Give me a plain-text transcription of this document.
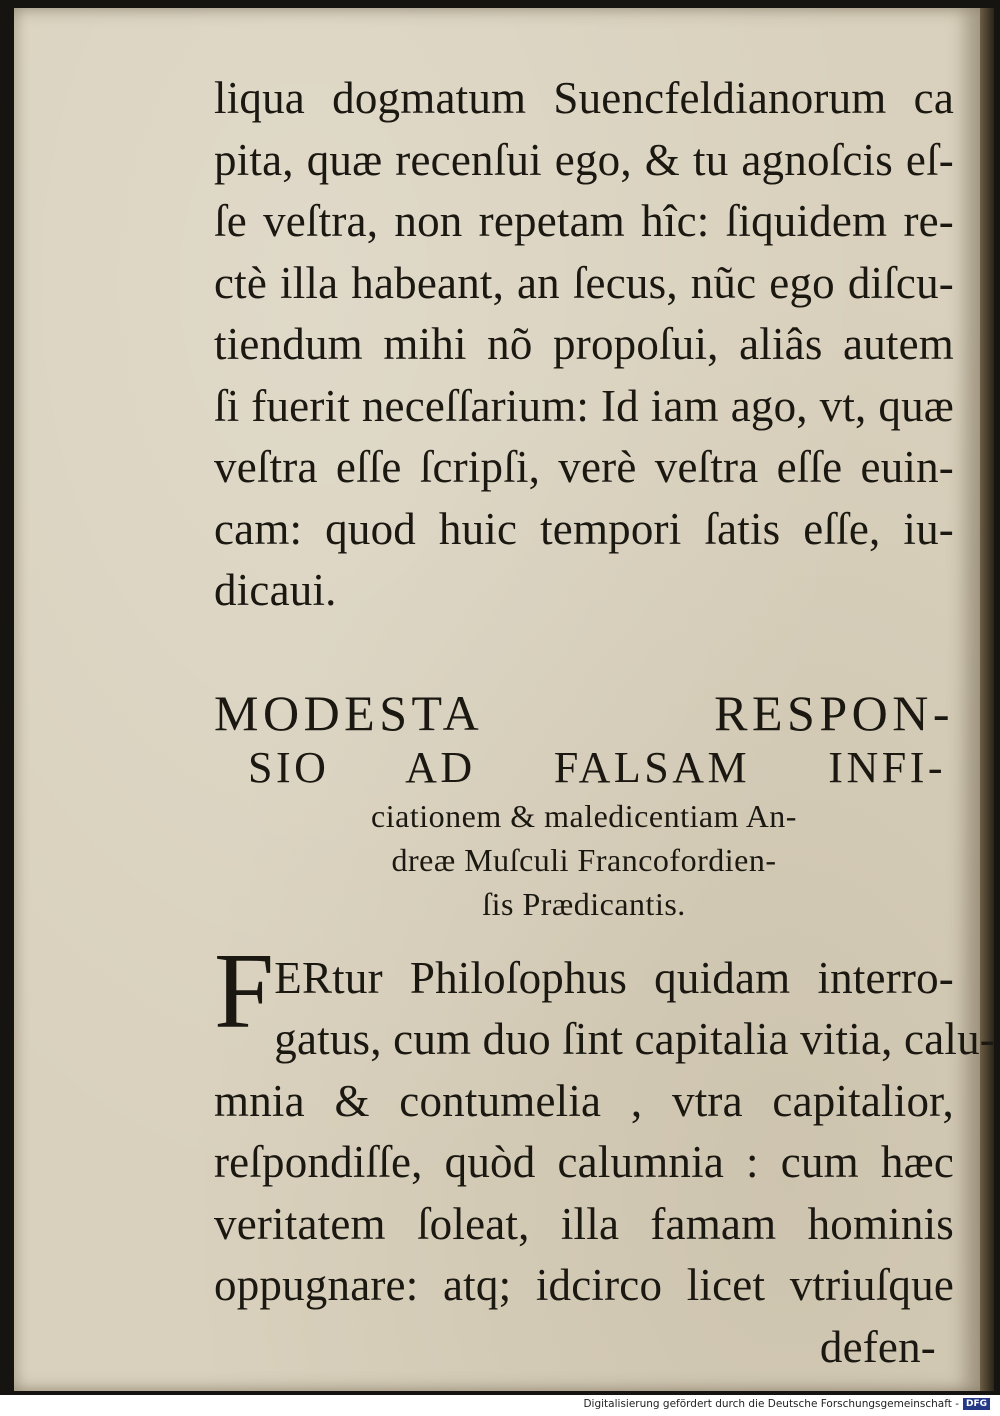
liqua dogmatum Suencfeldianorum ca
pita, quæ recenſui ego, & tu agnoſcis eſ-
ſe veſtra, non repetam hîc: ſiquidem re-
ctè illa habeant, an ſecus, nũc ego diſcu-
tiendum mihi nõ propoſui, aliâs autem
ſi fuerit neceſſarium: Id iam ago, vt, quæ
veſtra eſſe ſcripſi, verè veſtra eſſe euin-
cam: quod huic tempori ſatis eſſe, iu-
dicaui.
MODESTA RESPON-
SIO AD FALSAM INFI-
ciationem & maledicentiam An-
dreæ Muſculi Francofordien-
ſis Prædicantis.
F ERtur Philoſophus quidam interro-
gatus, cum duo ſint capitalia vitia, calu-
mnia & contumelia , vtra capitalior,
reſpondiſſe, quòd calumnia : cum hæc
veritatem ſoleat, illa famam hominis
oppugnare: atq; idcirco licet vtriuſque
defen-
Digitalisierung gefördert durch die Deutsche Forschungsgemeinschaft - DFG
